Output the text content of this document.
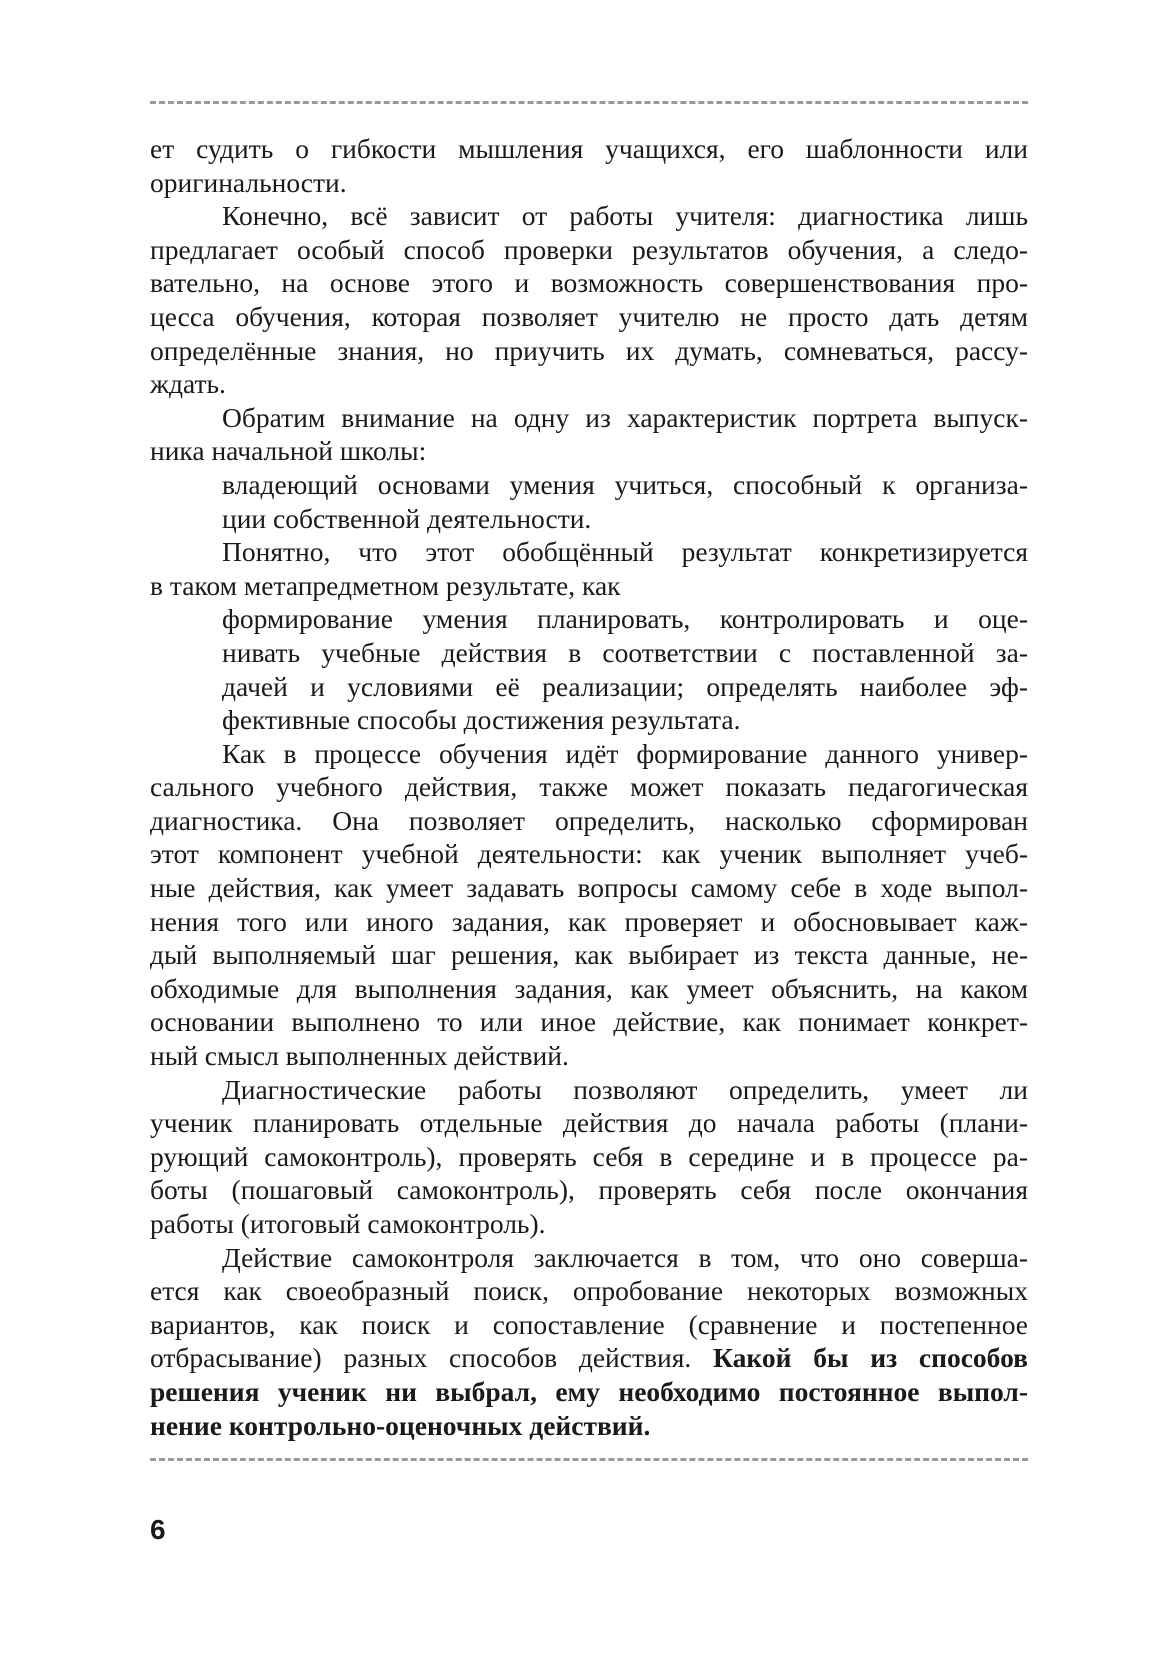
ет судить о гибкости мышления учащихся, его шаблонности или
оригинальности.
Конечно, всё зависит от работы учителя: диагностика лишь
предлагает особый способ проверки результатов обучения, а следо-
вательно, на основе этого и возможность совершенствования про-
цесса обучения, которая позволяет учителю не просто дать детям
определённые знания, но приучить их думать, сомневаться, рассу-
ждать.
Обратим внимание на одну из характеристик портрета выпуск-
ника начальной школы:
владеющий основами умения учиться, способный к организа-
ции собственной деятельности.
Понятно, что этот обобщённый результат конкретизируется
в таком метапредметном результате, как
формирование умения планировать, контролировать и оце-
нивать учебные действия в соответствии с поставленной за-
дачей и условиями её реализации; определять наиболее эф-
фективные способы достижения результата.
Как в процессе обучения идёт формирование данного универ-
сального учебного действия, также может показать педагогическая
диагностика. Она позволяет определить, насколько сформирован
этот компонент учебной деятельности: как ученик выполняет учеб-
ные действия, как умеет задавать вопросы самому себе в ходе выпол-
нения того или иного задания, как проверяет и обосновывает каж-
дый выполняемый шаг решения, как выбирает из текста данные, не-
обходимые для выполнения задания, как умеет объяснить, на каком
основании выполнено то или иное действие, как понимает конкрет-
ный смысл выполненных действий.
Диагностические работы позволяют определить, умеет ли
ученик планировать отдельные действия до начала работы (плани-
рующий самоконтроль), проверять себя в середине и в процессе ра-
боты (пошаговый самоконтроль), проверять себя после окончания
работы (итоговый самоконтроль).
Действие самоконтроля заключается в том, что оно соверша-
ется как своеобразный поиск, опробование некоторых возможных
вариантов, как поиск и сопоставление (сравнение и постепенное
отбрасывание) разных способов действия. Какой бы из способов
решения ученик ни выбрал, ему необходимо постоянное выпол-
нение контрольно-оценочных действий.
6
